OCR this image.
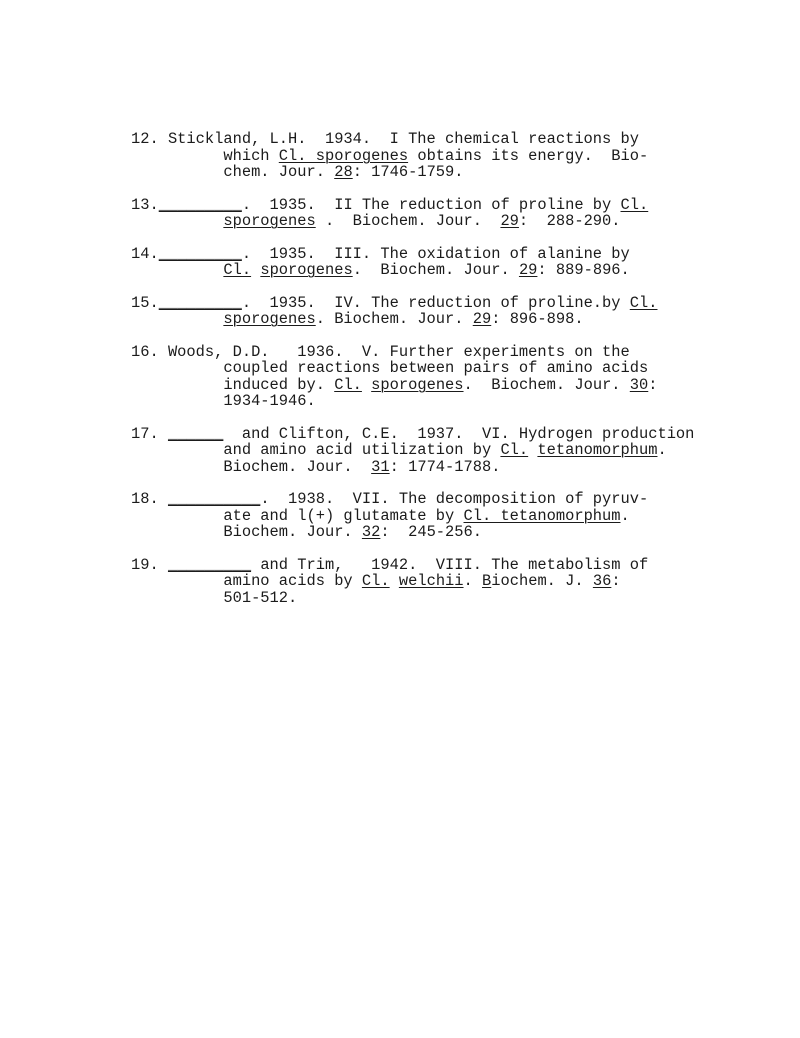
12. Stickland, L.H.  1934.  I The chemical reactions by
which Cl. sporogenes obtains its energy.  Bio-
chem. Jour. 28: 1746-1759.
13._________.  1935.  II The reduction of proline by Cl.
sporogenes .  Biochem. Jour.  29:  288-290.
14._________.  1935.  III. The oxidation of alanine by
Cl. sporogenes.  Biochem. Jour. 29: 889-896.
15._________.  1935.  IV. The reduction of proline.by Cl.
sporogenes. Biochem. Jour. 29: 896-898.
16. Woods, D.D.   1936.  V. Further experiments on the
coupled reactions between pairs of amino acids
induced by. Cl. sporogenes.  Biochem. Jour. 30:
1934-1946.
17. ______  and Clifton, C.E.  1937.  VI. Hydrogen production
and amino acid utilization by Cl. tetanomorphum.
Biochem. Jour.  31: 1774-1788.
18. __________.  1938.  VII. The decomposition of pyruv-
ate and l(+) glutamate by Cl. tetanomorphum.
Biochem. Jour. 32:  245-256.
19. _________ and Trim,   1942.  VIII. The metabolism of
amino acids by Cl. welchii. Biochem. J. 36:
501-512.
